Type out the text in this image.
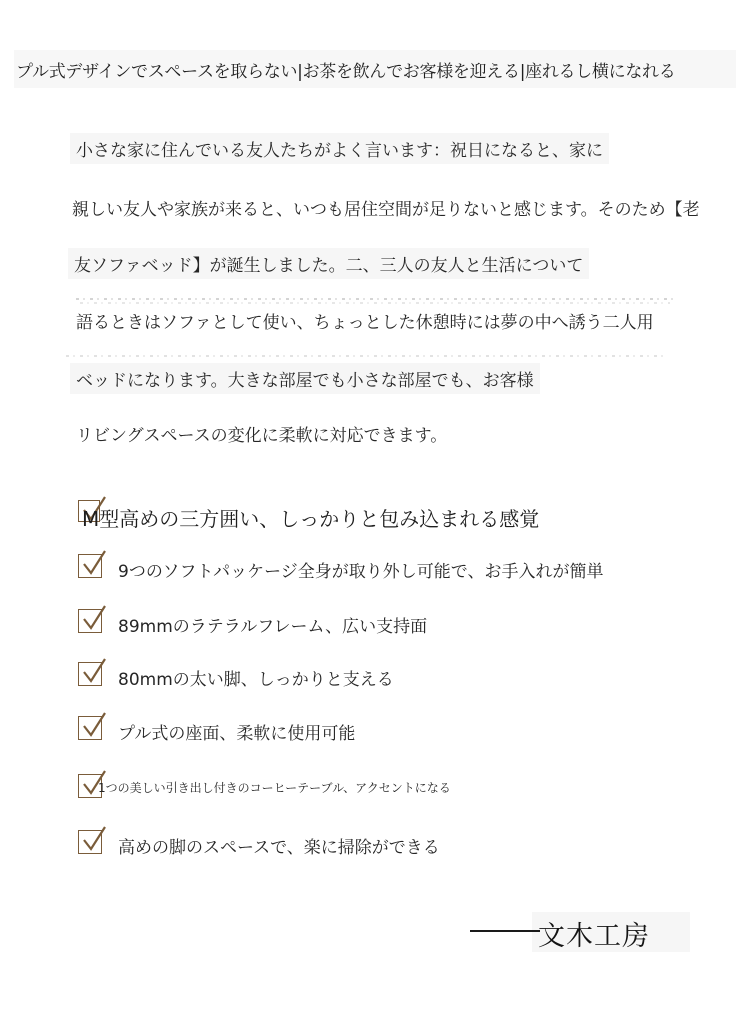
プル式デザインでスペースを取らない|お茶を飲んでお客様を迎える|座れるし横になれる
小さな家に住んでいる友人たちがよく言います：祝日になると、家に
親しい友人や家族が来ると、いつも居住空間が足りないと感じます。そのため【老
友ソファベッド】が誕生しました。二、三人の友人と生活について
語るときはソファとして使い、ちょっとした休憩時には夢の中へ誘う二人用
ベッドになります。大きな部屋でも小さな部屋でも、お客様
リビングスペースの変化に柔軟に対応できます。
M型高めの三方囲い、しっかりと包み込まれる感覚
9つのソフトパッケージ全身が取り外し可能で、お手入れが簡単
89mmのラテラルフレーム、広い支持面
80mmの太い脚、しっかりと支える
プル式の座面、柔軟に使用可能
1つの美しい引き出し付きのコーヒーテーブル、アクセントになる
高めの脚のスペースで、楽に掃除ができる
文木工房
